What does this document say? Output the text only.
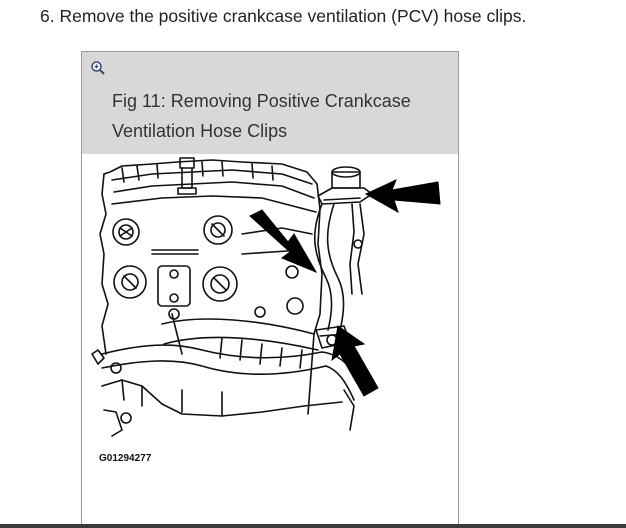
6. Remove the positive crankcase ventilation (PCV) hose clips.
Fig 11: Removing Positive Crankcase
Ventilation Hose Clips
G01294277
